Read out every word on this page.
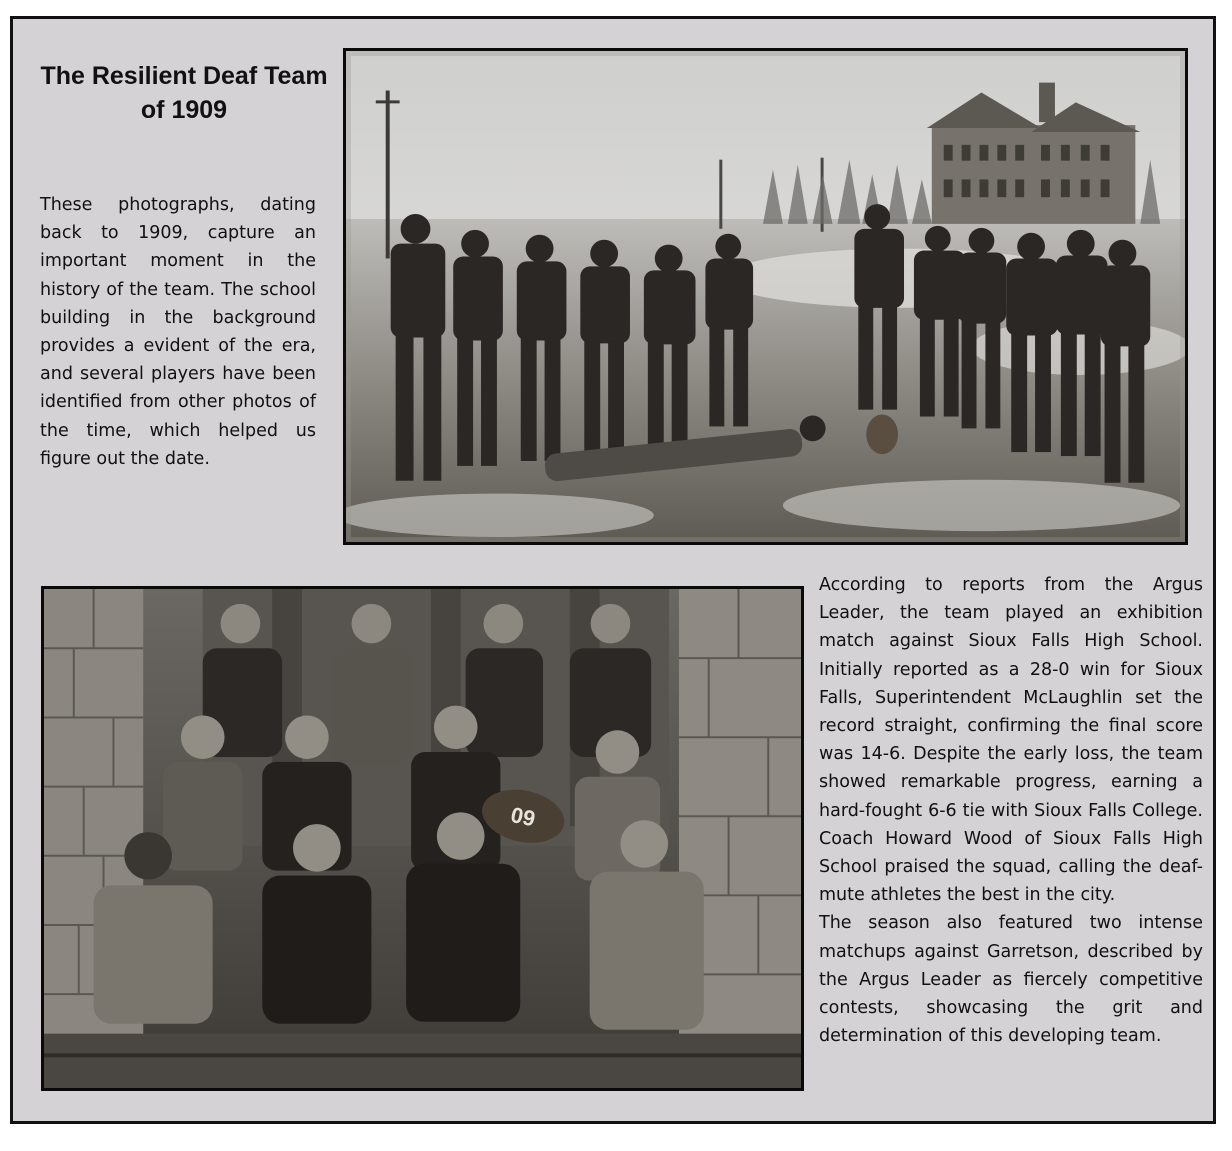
The Resilient Deaf Team of 1909

These photographs, dating back to 1909, capture an important moment in the history of the team. The school building in the background provides a evident of the era, and several players have been identified from other photos of the time, which helped us figure out the date.

09

According to reports from the Argus Leader, the team played an exhibition match against Sioux Falls High School. Initially reported as a 28-0 win for Sioux Falls, Superintendent McLaughlin set the record straight, confirming the final score was 14-6. Despite the early loss, the team showed remarkable progress, earning a hard-fought 6-6 tie with Sioux Falls College. Coach Howard Wood of Sioux Falls High School praised the squad, calling the deaf-mute athletes the best in the city.

The season also featured two intense matchups against Garretson, described by the Argus Leader as fiercely competitive contests, showcasing the grit and determination of this developing team.
